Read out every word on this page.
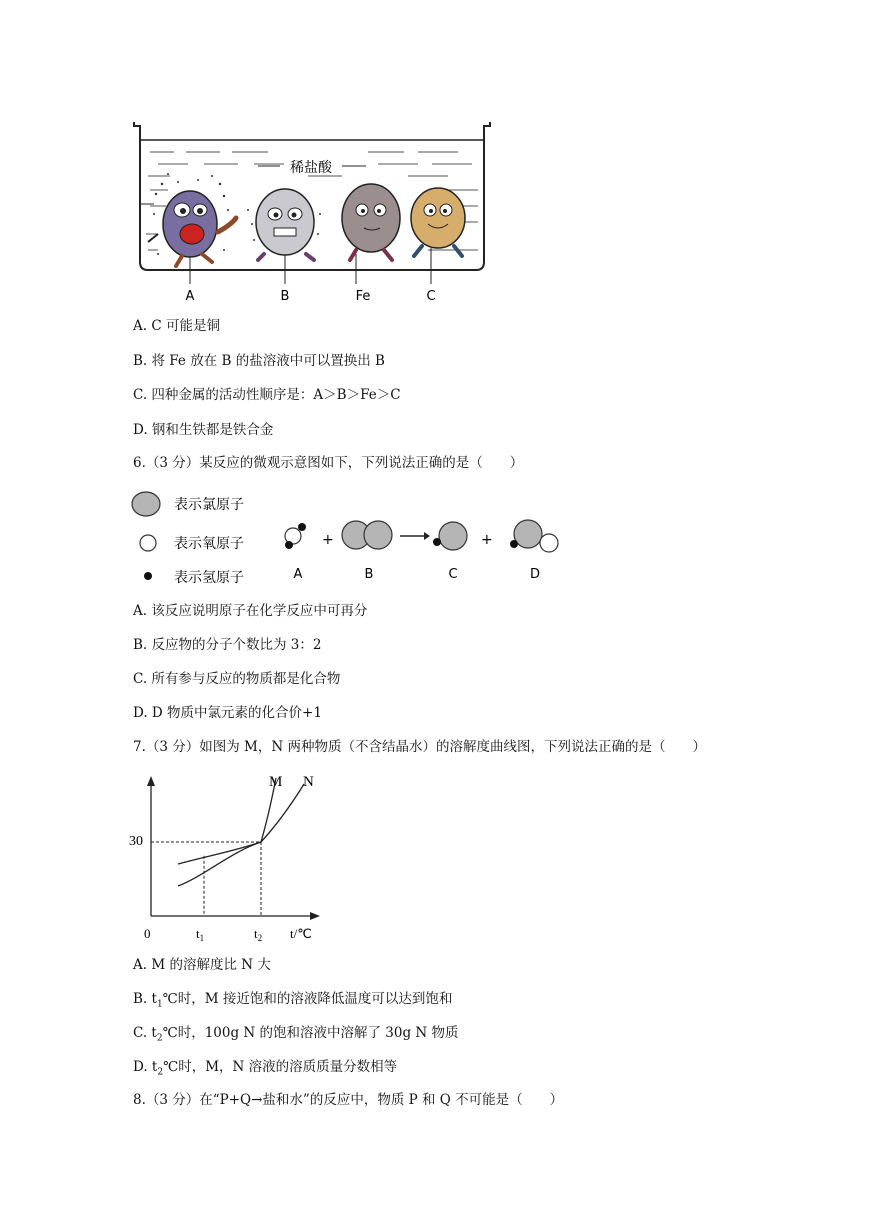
稀盐酸
A	B	Fe	C
A. C 可能是铜
B. 将 Fe 放在 B 的盐溶液中可以置换出 B
C. 四种金属的活动性顺序是：A＞B＞Fe＞C
D. 钢和生铁都是铁合金
6.（3 分）某反应的微观示意图如下，下列说法正确的是（　　）
表示氯原子
表示氧原子
表示氢原子
+	+
A	B	C	D
A. 该反应说明原子在化学反应中可再分
B. 反应物的分子个数比为 3：2
C. 所有参与反应的物质都是化合物
D. D 物质中氯元素的化合价+1
7.（3 分）如图为 M，N 两种物质（不含结晶水）的溶解度曲线图，下列说法正确的是（　　）
M N
30
0	$t_1$	$t_2$ t/℃
A. M 的溶解度比 N 大
B. $t_1℃$时，M 接近饱和的溶液降低温度可以达到饱和
C. $t_2℃$时，100g N 的饱和溶液中溶解了 30g N 物质
D. $t_2℃$时，M，N 溶液的溶质质量分数相等
8.（3 分）在“P+Q→盐和水”的反应中，物质 P 和 Q 不可能是（　　）
